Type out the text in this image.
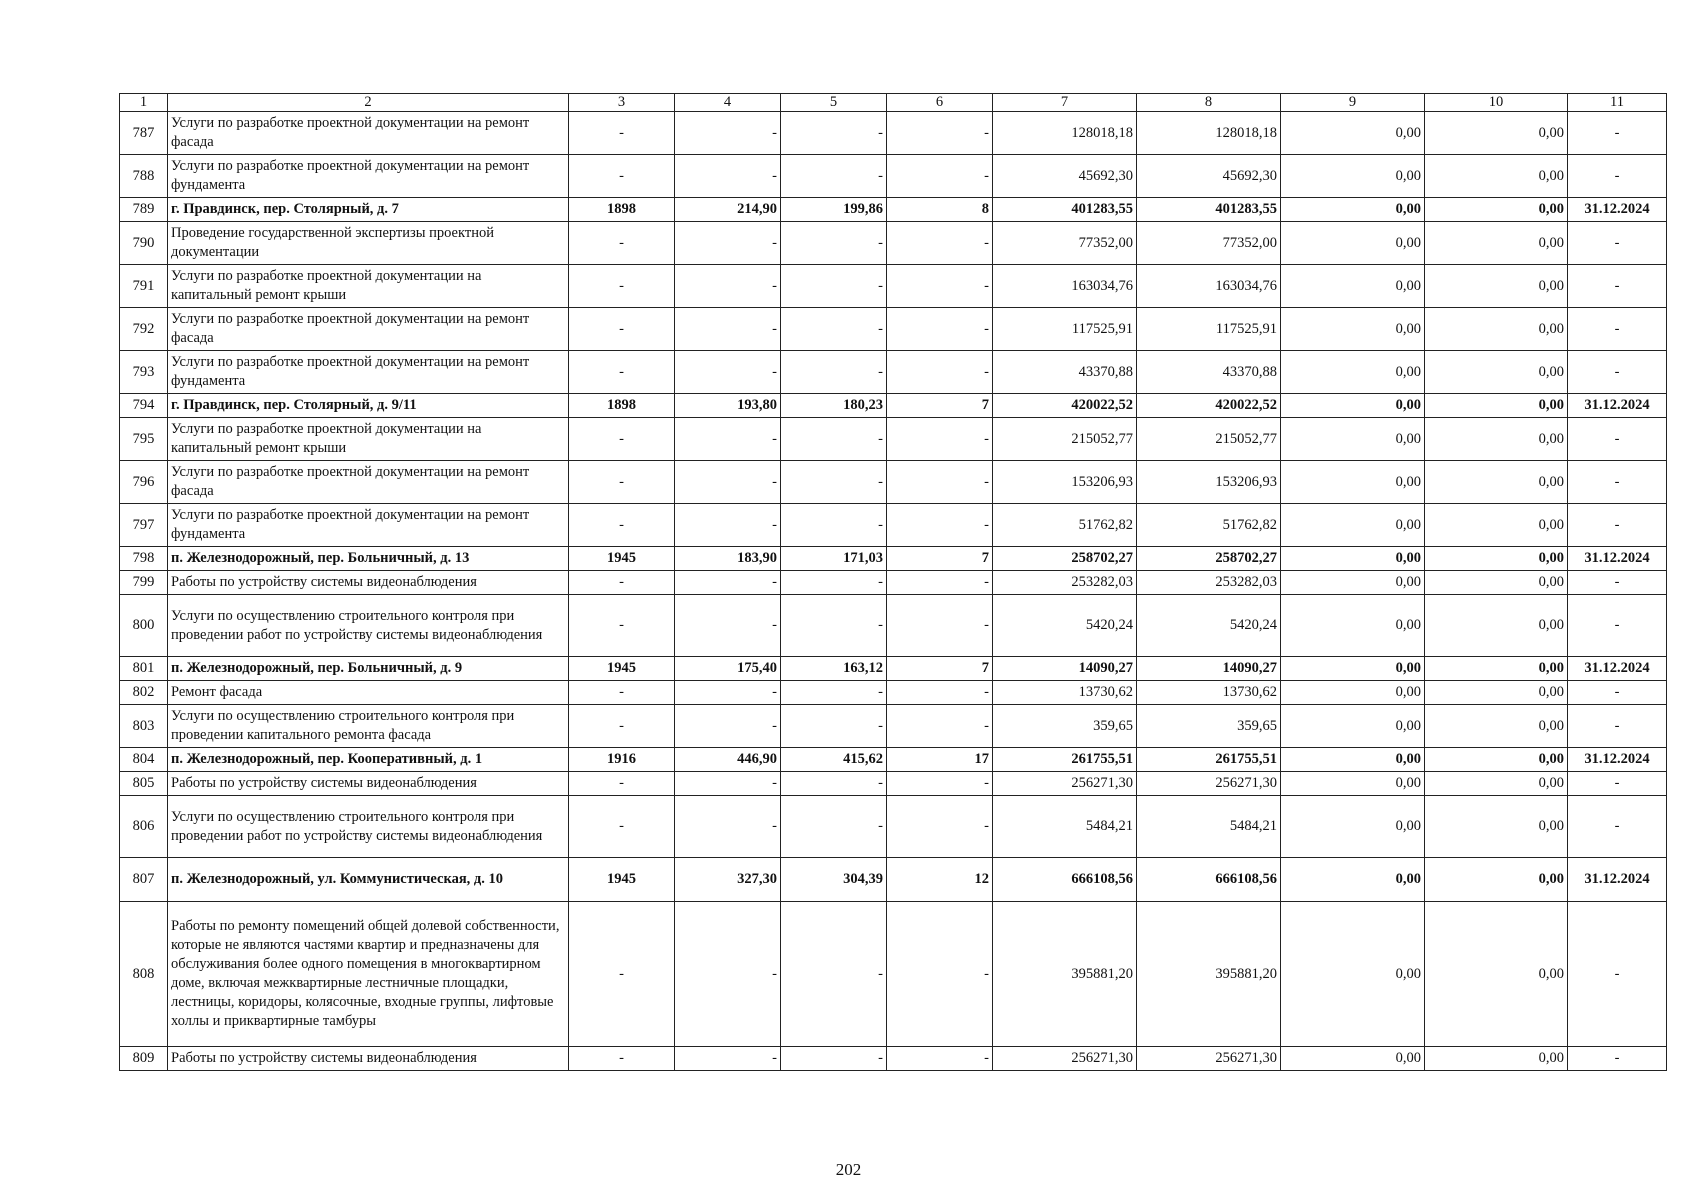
1	2	3	4	5	6	7	8	9	10	11
787	Услуги по разработке проектной документации на ремонт фасада	-	-	-	-	128018,18	128018,18	0,00	0,00	-
788	Услуги по разработке проектной документации на ремонт фундамента	-	-	-	-	45692,30	45692,30	0,00	0,00	-
789	г. Правдинск, пер. Столярный, д. 7	1898	214,90	199,86	8	401283,55	401283,55	0,00	0,00	31.12.2024
790	Проведение государственной экспертизы проектной документации	-	-	-	-	77352,00	77352,00	0,00	0,00	-
791	Услуги по разработке проектной документации на капитальный ремонт крыши	-	-	-	-	163034,76	163034,76	0,00	0,00	-
792	Услуги по разработке проектной документации на ремонт фасада	-	-	-	-	117525,91	117525,91	0,00	0,00	-
793	Услуги по разработке проектной документации на ремонт фундамента	-	-	-	-	43370,88	43370,88	0,00	0,00	-
794	г. Правдинск, пер. Столярный, д. 9/11	1898	193,80	180,23	7	420022,52	420022,52	0,00	0,00	31.12.2024
795	Услуги по разработке проектной документации на капитальный ремонт крыши	-	-	-	-	215052,77	215052,77	0,00	0,00	-
796	Услуги по разработке проектной документации на ремонт фасада	-	-	-	-	153206,93	153206,93	0,00	0,00	-
797	Услуги по разработке проектной документации на ремонт фундамента	-	-	-	-	51762,82	51762,82	0,00	0,00	-
798	п. Железнодорожный, пер. Больничный, д. 13	1945	183,90	171,03	7	258702,27	258702,27	0,00	0,00	31.12.2024
799	Работы по устройству системы видеонаблюдения	-	-	-	-	253282,03	253282,03	0,00	0,00	-
800	Услуги по осуществлению строительного контроля при проведении работ по устройству системы видеонаблюдения	-	-	-	-	5420,24	5420,24	0,00	0,00	-
801	п. Железнодорожный, пер. Больничный, д. 9	1945	175,40	163,12	7	14090,27	14090,27	0,00	0,00	31.12.2024
802	Ремонт фасада	-	-	-	-	13730,62	13730,62	0,00	0,00	-
803	Услуги по осуществлению строительного контроля при проведении капитального ремонта фасада	-	-	-	-	359,65	359,65	0,00	0,00	-
804	п. Железнодорожный, пер. Кооперативный, д. 1	1916	446,90	415,62	17	261755,51	261755,51	0,00	0,00	31.12.2024
805	Работы по устройству системы видеонаблюдения	-	-	-	-	256271,30	256271,30	0,00	0,00	-
806	Услуги по осуществлению строительного контроля при проведении работ по устройству системы видеонаблюдения	-	-	-	-	5484,21	5484,21	0,00	0,00	-
807	п. Железнодорожный, ул. Коммунистическая, д. 10	1945	327,30	304,39	12	666108,56	666108,56	0,00	0,00	31.12.2024
808	Работы по ремонту помещений общей долевой собственности, которые не являются частями квартир и предназначены для обслуживания более одного помещения в многоквартирном доме, включая межквартирные лестничные площадки, лестницы, коридоры, колясочные, входные группы, лифтовые холлы и приквартирные тамбуры	-	-	-	-	395881,20	395881,20	0,00	0,00	-
809	Работы по устройству системы видеонаблюдения	-	-	-	-	256271,30	256271,30	0,00	0,00	-
202
